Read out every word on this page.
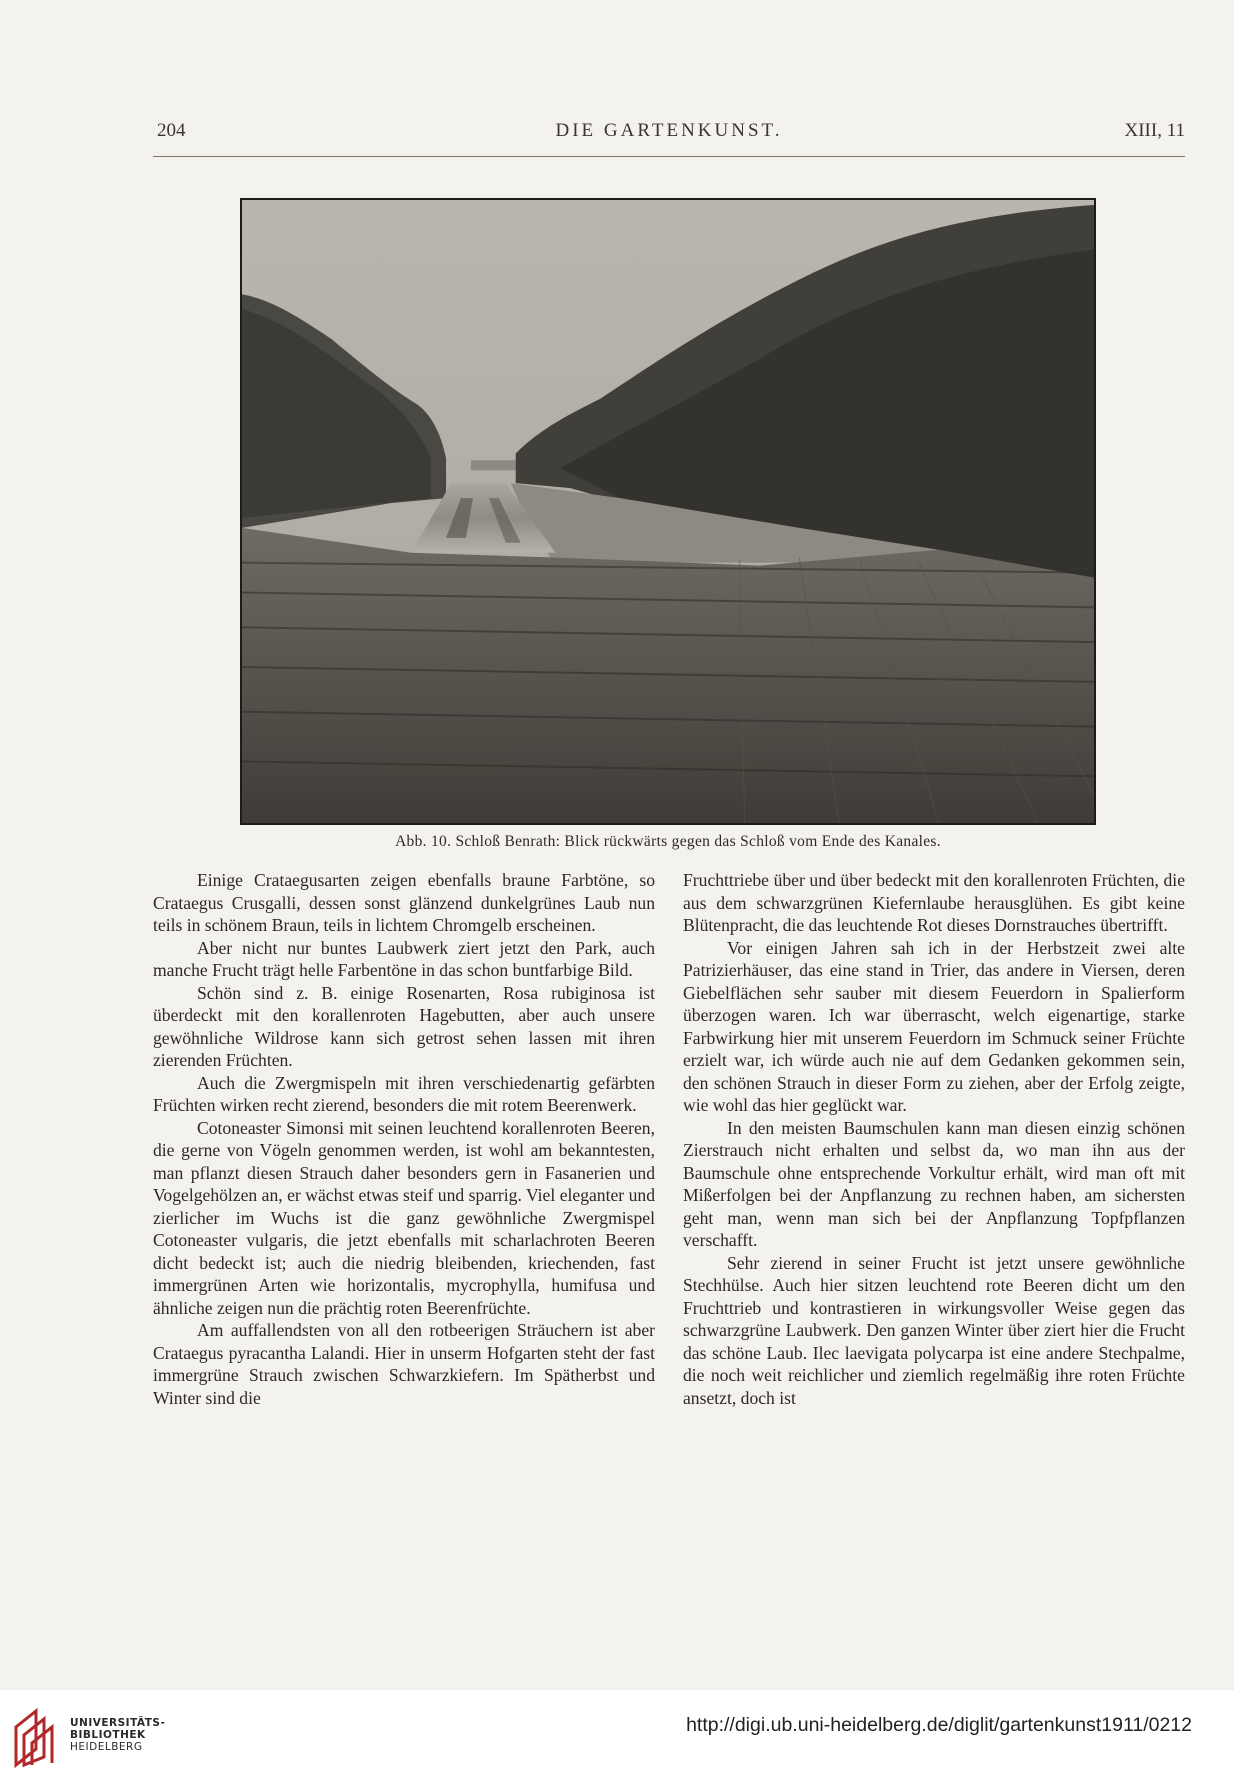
204	DIE GARTENKUNST.	XIII, 11
Abb. 10. Schloß Benrath: Blick rückwärts gegen das Schloß vom Ende des Kanales.

Einige Crataegusarten zeigen ebenfalls braune Farbtöne, so Crataegus Crusgalli, dessen sonst glänzend dunkelgrünes Laub nun teils in schönem Braun, teils in lichtem Chromgelb erscheinen.

Aber nicht nur buntes Laubwerk ziert jetzt den Park, auch manche Frucht trägt helle Farbentöne in das schon buntfarbige Bild.

Schön sind z. B. einige Rosenarten, Rosa rubiginosa ist überdeckt mit den korallenroten Hagebutten, aber auch unsere gewöhnliche Wildrose kann sich getrost sehen lassen mit ihren zierenden Früchten.

Auch die Zwergmispeln mit ihren verschiedenartig gefärbten Früchten wirken recht zierend, besonders die mit rotem Beerenwerk.

Cotoneaster Simonsi mit seinen leuchtend korallenroten Beeren, die gerne von Vögeln genommen werden, ist wohl am bekanntesten, man pflanzt diesen Strauch daher besonders gern in Fasanerien und Vogelgehölzen an, er wächst etwas steif und sparrig. Viel eleganter und zierlicher im Wuchs ist die ganz gewöhnliche Zwergmispel Cotoneaster vulgaris, die jetzt ebenfalls mit scharlachroten Beeren dicht bedeckt ist; auch die niedrig bleibenden, kriechenden, fast immergrünen Arten wie horizontalis, mycrophylla, humifusa und ähnliche zeigen nun die prächtig roten Beerenfrüchte.

Am auffallendsten von all den rotbeerigen Sträuchern ist aber Crataegus pyracantha Lalandi. Hier in unserm Hofgarten steht der fast immergrüne Strauch zwischen Schwarzkiefern. Im Spätherbst und Winter sind die

Fruchttriebe über und über bedeckt mit den korallenroten Früchten, die aus dem schwarzgrünen Kiefernlaube herausglühen. Es gibt keine Blütenpracht, die das leuchtende Rot dieses Dornstrauches übertrifft.

Vor einigen Jahren sah ich in der Herbstzeit zwei alte Patrizierhäuser, das eine stand in Trier, das andere in Viersen, deren Giebelflächen sehr sauber mit diesem Feuerdorn in Spalierform überzogen waren. Ich war überrascht, welch eigenartige, starke Farbwirkung hier mit unserem Feuerdorn im Schmuck seiner Früchte erzielt war, ich würde auch nie auf dem Gedanken gekommen sein, den schönen Strauch in dieser Form zu ziehen, aber der Erfolg zeigte, wie wohl das hier geglückt war.

In den meisten Baumschulen kann man diesen einzig schönen Zierstrauch nicht erhalten und selbst da, wo man ihn aus der Baumschule ohne entsprechende Vorkultur erhält, wird man oft mit Mißerfolgen bei der Anpflanzung zu rechnen haben, am sichersten geht man, wenn man sich bei der Anpflanzung Topfpflanzen verschafft.

Sehr zierend in seiner Frucht ist jetzt unsere gewöhnliche Stechhülse. Auch hier sitzen leuchtend rote Beeren dicht um den Fruchttrieb und kontrastieren in wirkungsvoller Weise gegen das schwarzgrüne Laubwerk. Den ganzen Winter über ziert hier die Frucht das schöne Laub. Ilec laevigata polycarpa ist eine andere Stechpalme, die noch weit reichlicher und ziemlich regelmäßig ihre roten Früchte ansetzt, doch ist

UNIVERSITÄTS-
BIBLIOTHEK
HEIDELBERG
http://digi.ub.uni-heidelberg.de/diglit/gartenkunst1911/0212
